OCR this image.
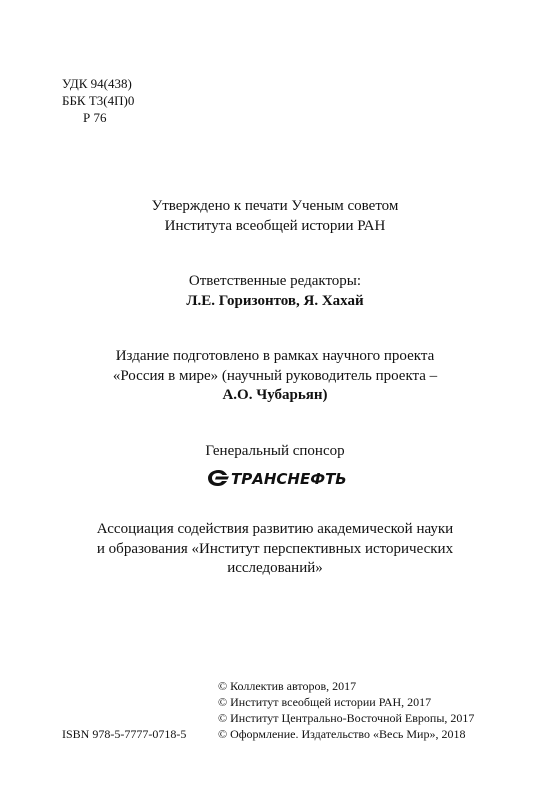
УДК 94(438)
ББК Т3(4П)0
Р 76
Утверждено к печати Ученым советом
Института всеобщей истории РАН
Ответственные редакторы:
Л.Е. Горизонтов, Я. Хахай
Издание подготовлено в рамках научного проекта
«Россия в мире» (научный руководитель проекта –
А.О. Чубарьян)
Генеральный спонсор
ТРАНСНЕФТЬ
Ассоциация содействия развитию академической науки
и образования «Институт перспективных исторических
исследований»
ISBN 978-5-7777-0718-5
© Коллектив авторов, 2017
© Институт всеобщей истории РАН, 2017
© Институт Центрально-Восточной Европы, 2017
© Оформление. Издательство «Весь Мир», 2018
